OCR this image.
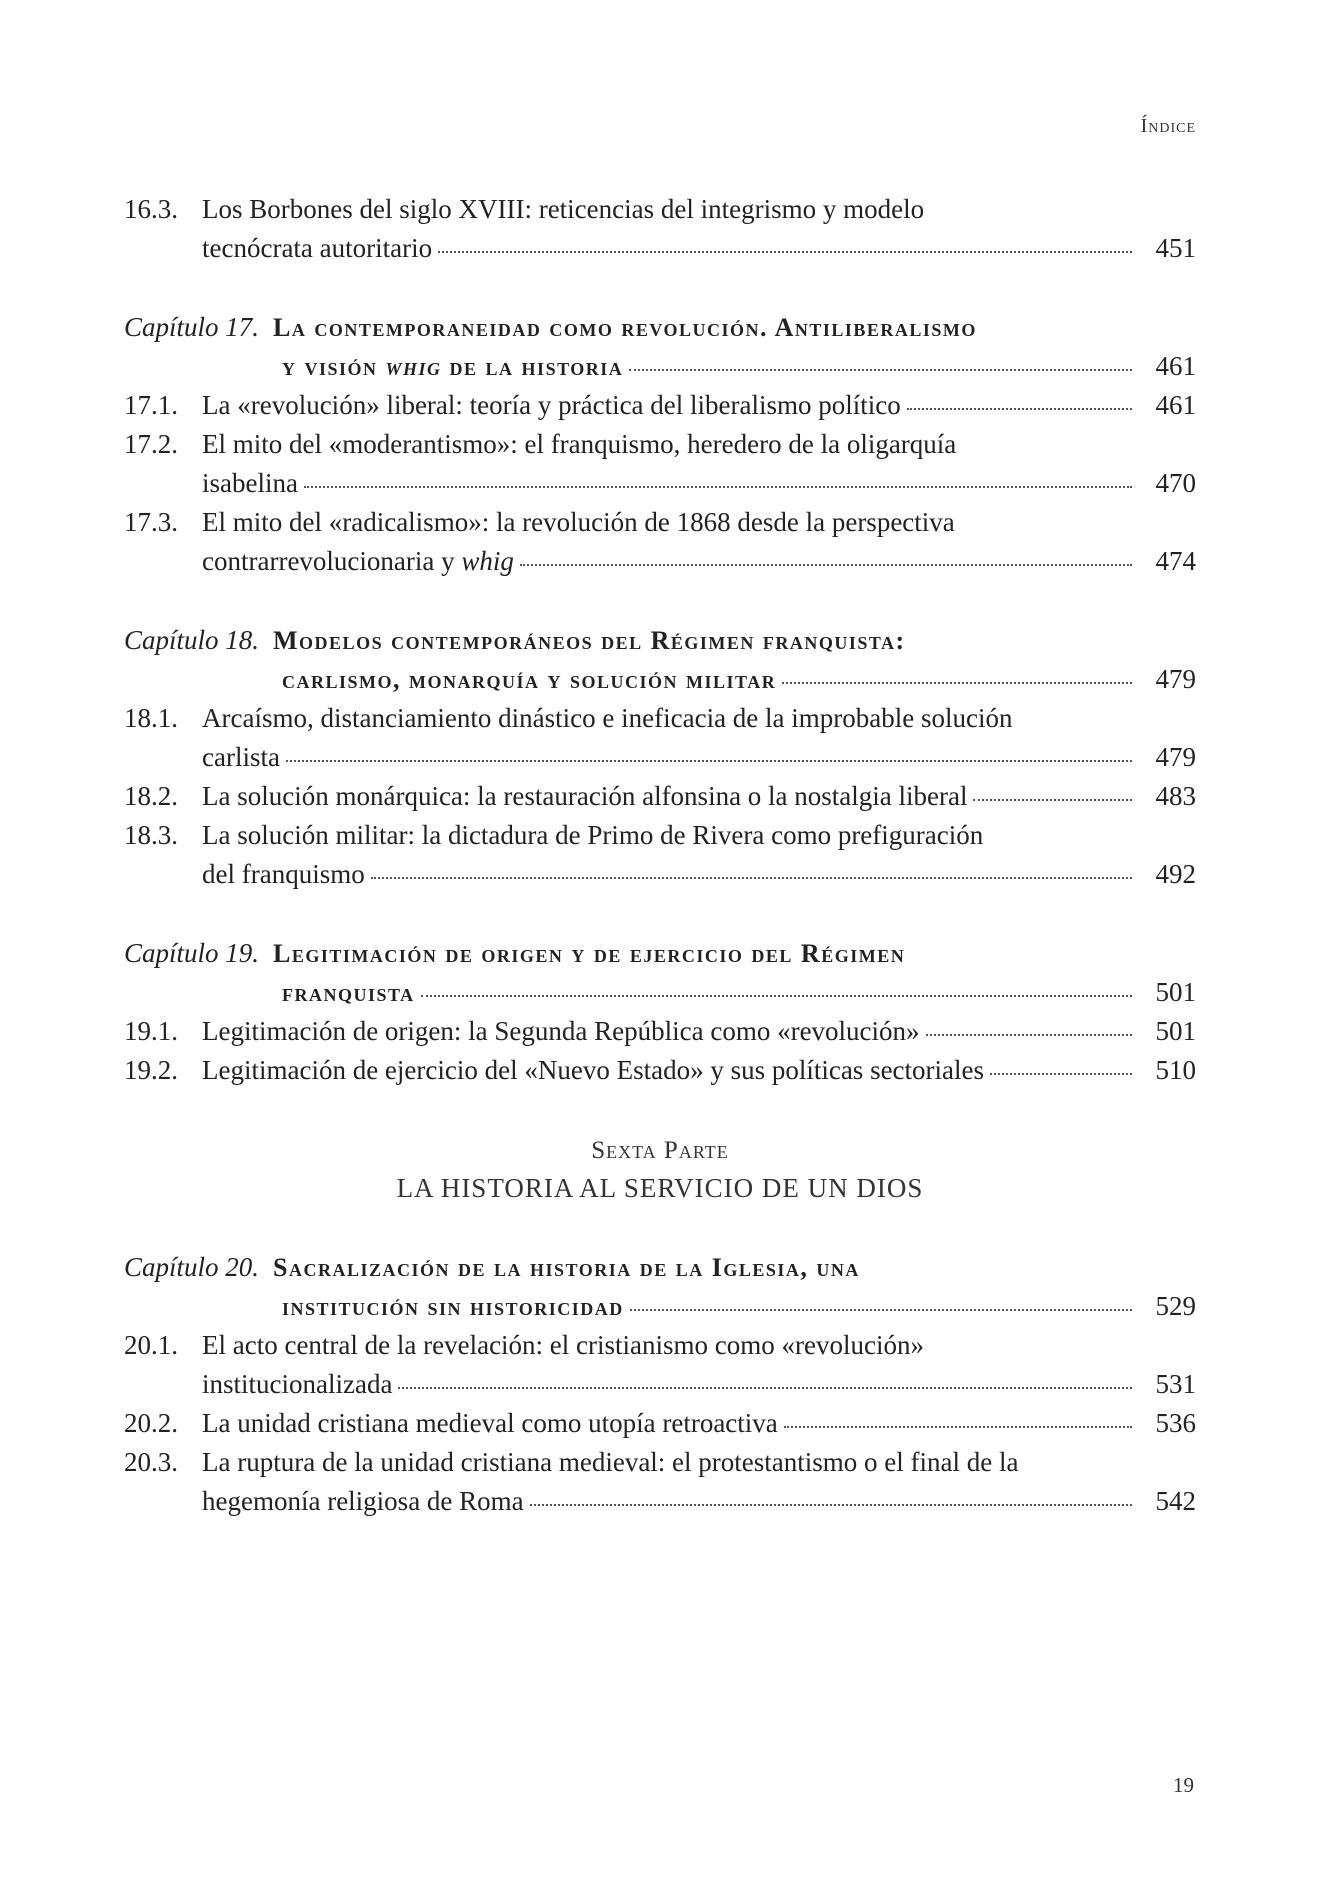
Índice
16.3. Los Borbones del siglo XVIII: reticencias del integrismo y modelo
tecnócrata autoritario	451
Capítulo 17. La contemporaneidad como revolución. Antiliberalismo
y visión whig de la historia	461
17.1. La «revolución» liberal: teoría y práctica del liberalismo político	461
17.2. El mito del «moderantismo»: el franquismo, heredero de la oligarquía
isabelina	470
17.3. El mito del «radicalismo»: la revolución de 1868 desde la perspectiva
contrarrevolucionaria y whig	474
Capítulo 18. Modelos contemporáneos del Régimen franquista:
carlismo, monarquía y solución militar	479
18.1. Arcaísmo, distanciamiento dinástico e ineficacia de la improbable solución
carlista	479
18.2. La solución monárquica: la restauración alfonsina o la nostalgia liberal	483
18.3. La solución militar: la dictadura de Primo de Rivera como prefiguración
del franquismo	492
Capítulo 19. Legitimación de origen y de ejercicio del Régimen
franquista	501
19.1. Legitimación de origen: la Segunda República como «revolución»	501
19.2. Legitimación de ejercicio del «Nuevo Estado» y sus políticas sectoriales	510
Sexta Parte
LA HISTORIA AL SERVICIO DE UN DIOS
Capítulo 20. Sacralización de la historia de la Iglesia, una
institución sin historicidad	529
20.1. El acto central de la revelación: el cristianismo como «revolución»
institucionalizada	531
20.2. La unidad cristiana medieval como utopía retroactiva	536
20.3. La ruptura de la unidad cristiana medieval: el protestantismo o el final de la
hegemonía religiosa de Roma	542
19
